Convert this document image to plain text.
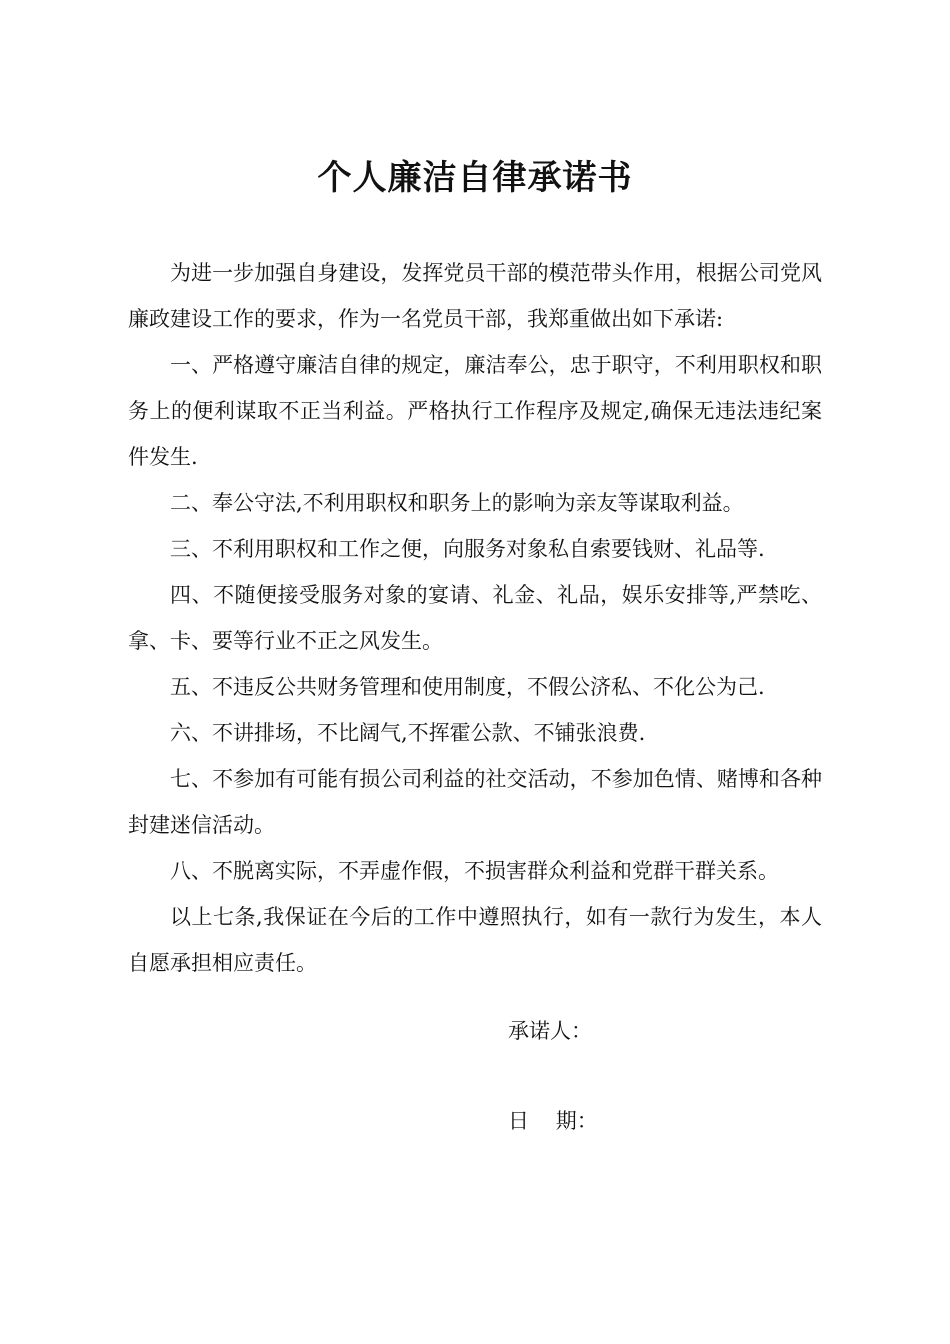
个人廉洁自律承诺书

为进一步加强自身建设，发挥党员干部的模范带头作用，根据公司党风廉政建设工作的要求，作为一名党员干部，我郑重做出如下承诺:

一、严格遵守廉洁自律的规定，廉洁奉公，忠于职守，不利用职权和职务上的便利谋取不正当利益。严格执行工作程序及规定,确保无违法违纪案件发生.

二、奉公守法,不利用职权和职务上的影响为亲友等谋取利益。

三、不利用职权和工作之便，向服务对象私自索要钱财、礼品等.

四、不随便接受服务对象的宴请、礼金、礼品，娱乐安排等,严禁吃、拿、卡、要等行业不正之风发生。

五、不违反公共财务管理和使用制度，不假公济私、不化公为己.

六、不讲排场，不比阔气,不挥霍公款、不铺张浪费.

七、不参加有可能有损公司利益的社交活动，不参加色情、赌博和各种封建迷信活动。

八、不脱离实际，不弄虚作假，不损害群众利益和党群干群关系。

以上七条,我保证在今后的工作中遵照执行，如有一款行为发生，本人自愿承担相应责任。

承诺人：
日    期：
